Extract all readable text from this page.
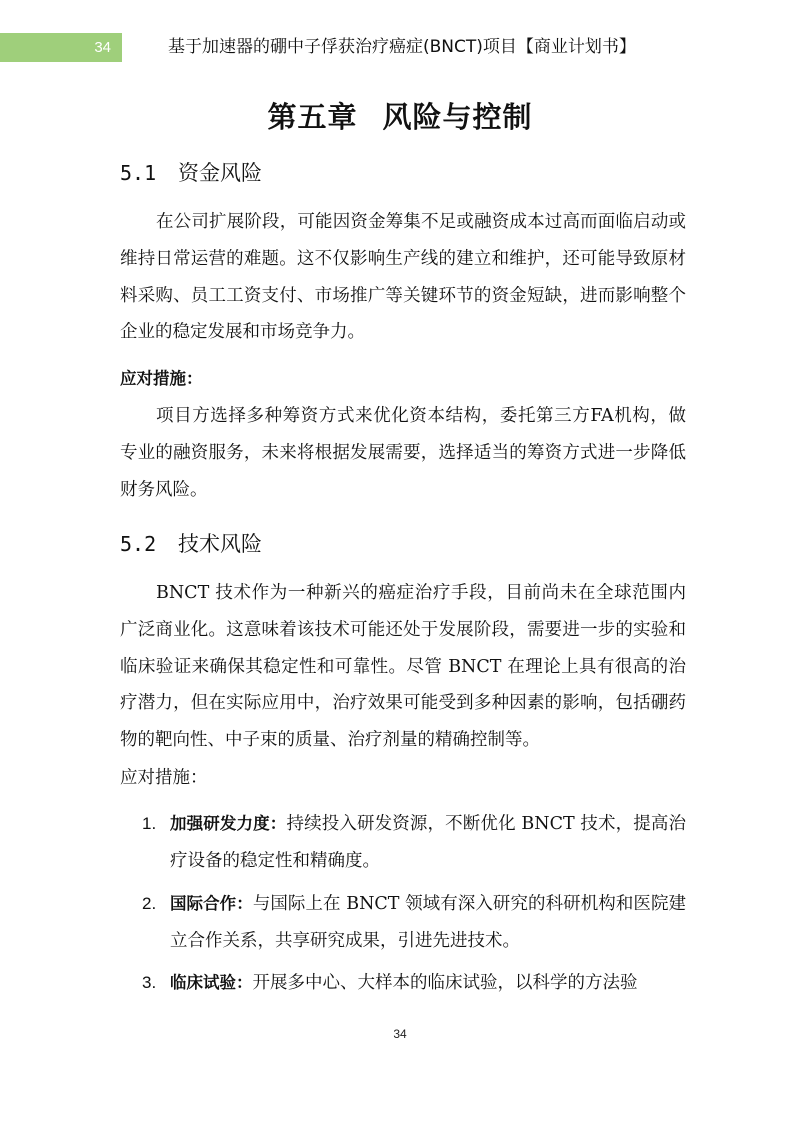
34	基于加速器的硼中子俘获治疗癌症(BNCT)项目【商业计划书】
第五章 风险与控制
5.1 资金风险

在公司扩展阶段，可能因资金筹集不足或融资成本过高而面临启动或维持日常运营的难题。这不仅影响生产线的建立和维护，还可能导致原材料采购、员工工资支付、市场推广等关键环节的资金短缺，进而影响整个企业的稳定发展和市场竞争力。

应对措施：

项目方选择多种筹资方式来优化资本结构，委托第三方FA机构，做专业的融资服务，未来将根据发展需要，选择适当的筹资方式进一步降低财务风险。

5.2 技术风险

BNCT 技术作为一种新兴的癌症治疗手段，目前尚未在全球范围内广泛商业化。这意味着该技术可能还处于发展阶段，需要进一步的实验和临床验证来确保其稳定性和可靠性。尽管 BNCT 在理论上具有很高的治疗潜力，但在实际应用中，治疗效果可能受到多种因素的影响，包括硼药物的靶向性、中子束的质量、治疗剂量的精确控制等。

应对措施：

1. 加强研发力度：持续投入研发资源，不断优化 BNCT 技术，提高治疗设备的稳定性和精确度。
2. 国际合作：与国际上在 BNCT 领域有深入研究的科研机构和医院建立合作关系，共享研究成果，引进先进技术。
3. 临床试验：开展多中心、大样本的临床试验，以科学的方法验
34
